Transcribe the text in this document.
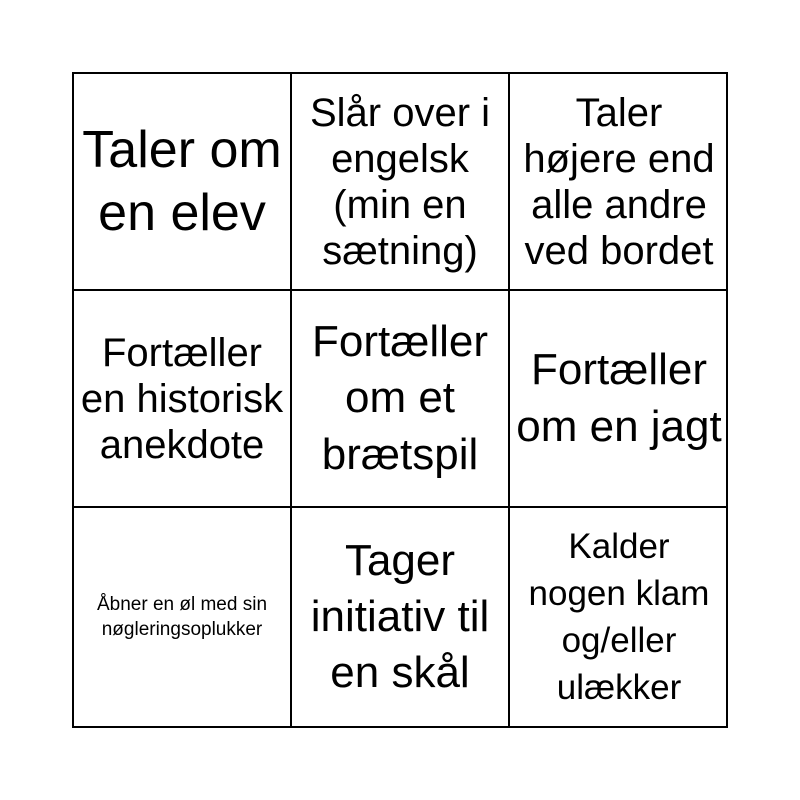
Taler om en elev
Slår over i engelsk (min en sætning)
Taler højere end alle andre ved bordet
Fortæller en historisk anekdote
Fortæller om et brætspil
Fortæller om en jagt
Åbner en øl med sin nøgleringsoplukker
Tager initiativ til en skål
Kalder nogen klam og/eller ulækker
